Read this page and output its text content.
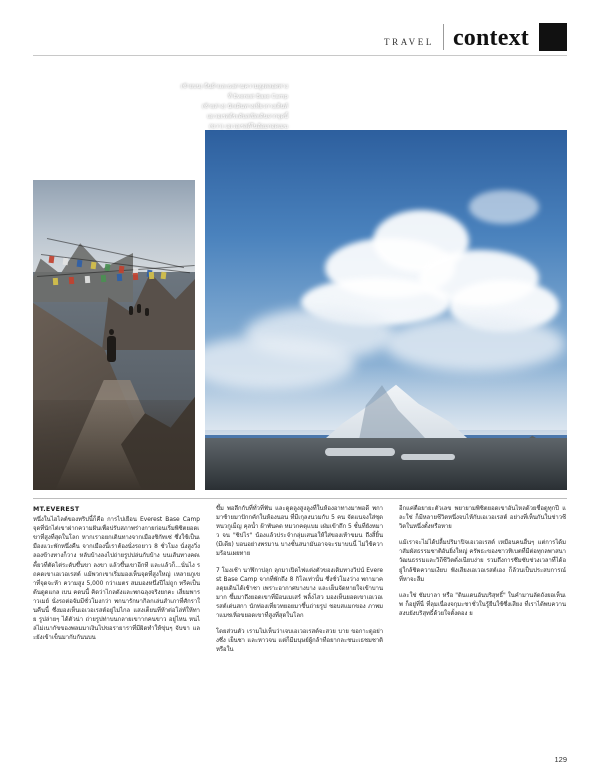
TRAVEL context
(ซ้ายบน) ผืนผ้าและธงตามความสูงตลอดทาง
ที่ Everest Base Camp
(ซ้ายล่าง) นักเดินทางเที่ยวกางเต็นท์
เอเวอเรสต์ระดับสเปิลเดินจากจุดนี้
(ขวา) เอเวอเรสต์ในอ้อมกอดเมฆ
MT.EVEREST

หนึ่งในไฮไลต์ของทริปนี้ก็คือ การไปเยือน Everest Base Camp จุดที่นักไต่เขาฝากความฝันเพื่อปรับสภาพร่างกายก่อนเริ่มพิชิตยอดเขาที่สูงที่สุดในโลก หากเราอยกเดินทางจากเมืองชิกัทเซ่ ซึ่งใช้เป็นเมืองแวะพักหนึ่งคืน จากเมืองนี้เราต้องนั่งรถยาว 8 ชั่วโมง นั่งสูงวิ่งลองข้างทางก็วาง หลับบ้างลงไปถ่ายรูปปล่นกับบ้าง บนเส้นทางคดเคี้ยวที่ตัดไต่ระดับขึ้นขา ลงขา แล้วขึ้นเขาอีกที และแล้วก็...นั่นไง รถคดเขาเอเวอเรสต์ แม้พวกเขาเริ่มมองเห็นจุดที่สูงใหญ่ เหลายภูเขาที่จุดจะห้า ความสูง 5,000 กว่าเมตร สมมองหนึ่งปีไม่ถูก ทรีคเป็นต้นดูดแกล เบน คดนนี้ คิดว่าไกลดังและพกฉลุงจริงยกคะ เสี่ยมพาราวเมย์ นั่งรถต่อจัมมีชั่วโมงกว่า พกนารักษากิลกเล่นสำเภาที่ศักราในคืนนี้ ซึ่งมองเห็นเอเวอเรสต์อยู่ไม่ไกล แสงเต็ยนที่ห้าต่อโล่ท์ให้ทาย รูปล่ายๆ ได้ตัวน่า ถ่ายรูปท่าบนกลายเขาากคนขาว อยู่ไหน หนไล่ไม่เนากัขของพลมมาเงินไปขอรายาราที่มีผิดทำให้ขุ่นๆ จับขา และยังเข้าเข็นมากับกันนบน

ขึ้ม พอลึกกับที่ทั่วที่ฟัน และดูดลูงสูงลูงที่ในห้องอาทางมาพอดี พกามาซ้ายมาปักกคักในห้องนอน ที่มีเกุลงนวมกับ 5 คน จัดแนจงใส่ชุดหนวกูเม็ญ คุลน้ำ ผ้าพันคด หมวกคดุแบม เฝ่มเข้าถึก 5 ชั้นที่ยังหมาว จน "ชิปไร" น้องแล้วประจำกลุ่มเสนอให้ใส่ของเท้าขมน ถึงสิ้ยิ้น (มีเดีย) บอนอย่างพรมาน บางชั้นสนามันอาจจะรมาบนนี้ ไม่ใช้ความร้อนเผยทาย

7 โมงเช้า นาฬิกาปลุก ลุกมาเปิดไฟแต่งตัวของเดิมทางวิปน์ Everest Base Camp จากที่พักถึง 8 กิโลเท่านั้น ซึ่งชั่วโมงว่าง พกามาคลดุยเดินได้เช้าชา เพราะอากาศบางบาง และเย็นจัดหายใจเข้าบานมาก ขึ้มมาถึงยอดเขาที่มีอนเมเสร์ พลิ้งไสว มองเห็นยอดเขาเอเวอเรสต์เด่นสกา นักท่องเที่ยวทยอยมาขึ้นถ่ายรูป ชอบสแมกของ ภาพมาแมชเหิ่อขยอดเขาที่สูงที่สุดในโลก

โดยส่วนตัว เรามไม่เห็นว่าเจบเอเวอเรสต์จะสวย บาย ขอกาะดูอย่างซึ่ง เย็นชา และหาวจน แต่ก็มีมนุษย์ผู้กล้าที่อยากละชนะเธชมชาติ หรือใน

อีกแค่ตือยายะตัวเลข พยายามพิชิตยอดเขาอันไหลด้วยชื่อดูทุกปี และใช่ ก็มีหลายชีวิตหนึ่งจบไห้กับเอเวอเรสต์ อย่างที่เห็นกันในช่าวชีวิตในหนึ่งตั้งหรือหาย

แม้เราจะไม่ได้ปลื้มปริมาปิจเอเวอเรสต์ เหมือนคนอื่นๆ แต่การได้มาสัมผัสธรรมชาติอันยิ่งใหญ่ ครัพธะของชาวทิเบตที่มีต่อทุกลพาสนา วัฒนธรรมและวิถีชีวิตดั่งเนียบง่าย รวมถึงการซึมซับช่วงเวลาที่ได้อยู่ใกล้ชิดความเงียบ ฟังเสียงเอเวอเรสต์เอง ก็ล้วนเป็นประสบการณ์ที่หาจะลืม

และใช่ ชัมบาลา หรือ "ดินแดนอันบริสุทธิ์" ในคำมานลัดถังยอเห็นเพ ก็อยู่ที่นี่ ที่ลุมเนื่องจกุมะชาชั่วในรู้ยืนใช้ซึ่งเสียง ที่เราได้พบควานสงบยังบริสุทธิ์ด้วยใจตั้งตอง ย

129
